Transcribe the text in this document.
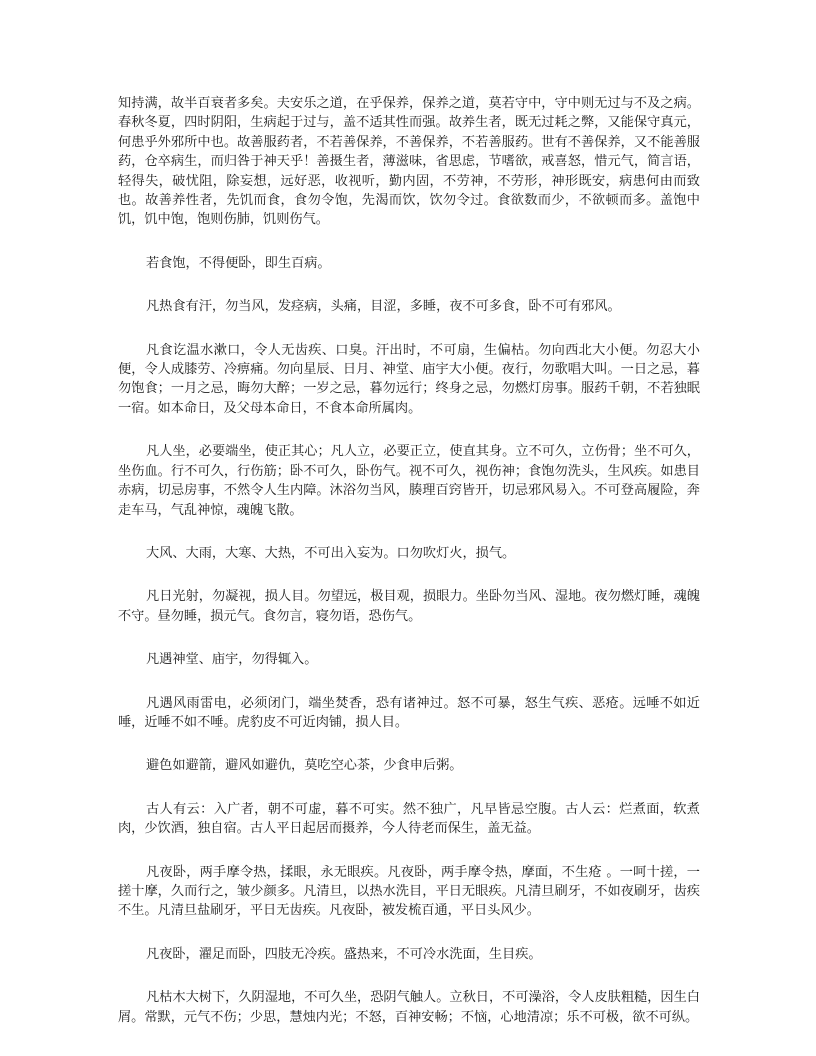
知持满，故半百衰者多矣。夫安乐之道，在乎保养，保养之道，莫若守中，守中则无过与不及之病。春秋冬夏，四时阴阳，生病起于过与，盖不适其性而强。故养生者，既无过耗之弊，又能保守真元，何患乎外邪所中也。故善服药者，不若善保养，不善保养，不若善服药。世有不善保养，又不能善服药，仓卒病生，而归咎于神天乎！善摄生者，薄滋味，省思虑，节嗜欲，戒喜怒，惜元气，简言语，轻得失，破忧阻，除妄想，远好恶，收视听，勤内固，不劳神，不劳形，神形既安，病患何由而致也。故善养性者，先饥而食，食勿令饱，先渴而饮，饮勿令过。食欲数而少，不欲顿而多。盖饱中饥，饥中饱，饱则伤肺，饥则伤气。

若食饱，不得便卧，即生百病。

凡热食有汗，勿当风，发痉病，头痛，目涩，多睡，夜不可多食，卧不可有邪风。

凡食讫温水漱口，令人无齿疾、口臭。汗出时，不可扇，生偏枯。勿向西北大小便。勿忍大小便，令人成膝劳、冷痹痛。勿向星辰、日月、神堂、庙宇大小便。夜行，勿歌唱大叫。一日之忌，暮勿饱食；一月之忌，晦勿大醉；一岁之忌，暮勿远行；终身之忌，勿燃灯房事。服药千朝，不若独眠一宿。如本命日，及父母本命日，不食本命所属肉。

凡人坐，必要端坐，使正其心；凡人立，必要正立，使直其身。立不可久，立伤骨；坐不可久，坐伤血。行不可久，行伤筋；卧不可久，卧伤气。视不可久，视伤神；食饱勿洗头，生风疾。如患目赤病，切忌房事，不然令人生内障。沐浴勿当风，腠理百窍皆开，切忌邪风易入。不可登高履险，奔走车马，气乱神惊，魂魄飞散。

大风、大雨，大寒、大热，不可出入妄为。口勿吹灯火，损气。

凡日光射，勿凝视，损人目。勿望远，极目观，损眼力。坐卧勿当风、湿地。夜勿燃灯睡，魂魄不守。昼勿睡，损元气。食勿言，寝勿语，恐伤气。

凡遇神堂、庙宇，勿得辄入。

凡遇风雨雷电，必须闭门，端坐焚香，恐有诸神过。怒不可暴，怒生气疾、恶疮。远唾不如近唾，近唾不如不唾。虎豹皮不可近肉铺，损人目。

避色如避箭，避风如避仇，莫吃空心茶，少食申后粥。

古人有云：入广者，朝不可虚，暮不可实。然不独广，凡早皆忌空腹。古人云：烂煮面，软煮肉，少饮酒，独自宿。古人平日起居而摄养，今人待老而保生，盖无益。

凡夜卧，两手摩令热，揉眼，永无眼疾。凡夜卧，两手摩令热，摩面，不生疮 。一呵十搓，一搓十摩，久而行之，皱少颜多。凡清旦，以热水洗目，平日无眼疾。凡清旦刷牙，不如夜刷牙，齿疾不生。凡清旦盐刷牙，平日无齿疾。凡夜卧，被发梳百通，平日头风少。

凡夜卧，濯足而卧，四肢无冷疾。盛热来，不可冷水洗面，生目疾。

凡枯木大树下，久阴湿地，不可久坐，恐阴气触人。立秋日，不可澡浴，令人皮肤粗糙，因生白屑。常默，元气不伤；少思，慧烛内光；不怒，百神安畅；不恼，心地清凉；乐不可极，欲不可纵。
